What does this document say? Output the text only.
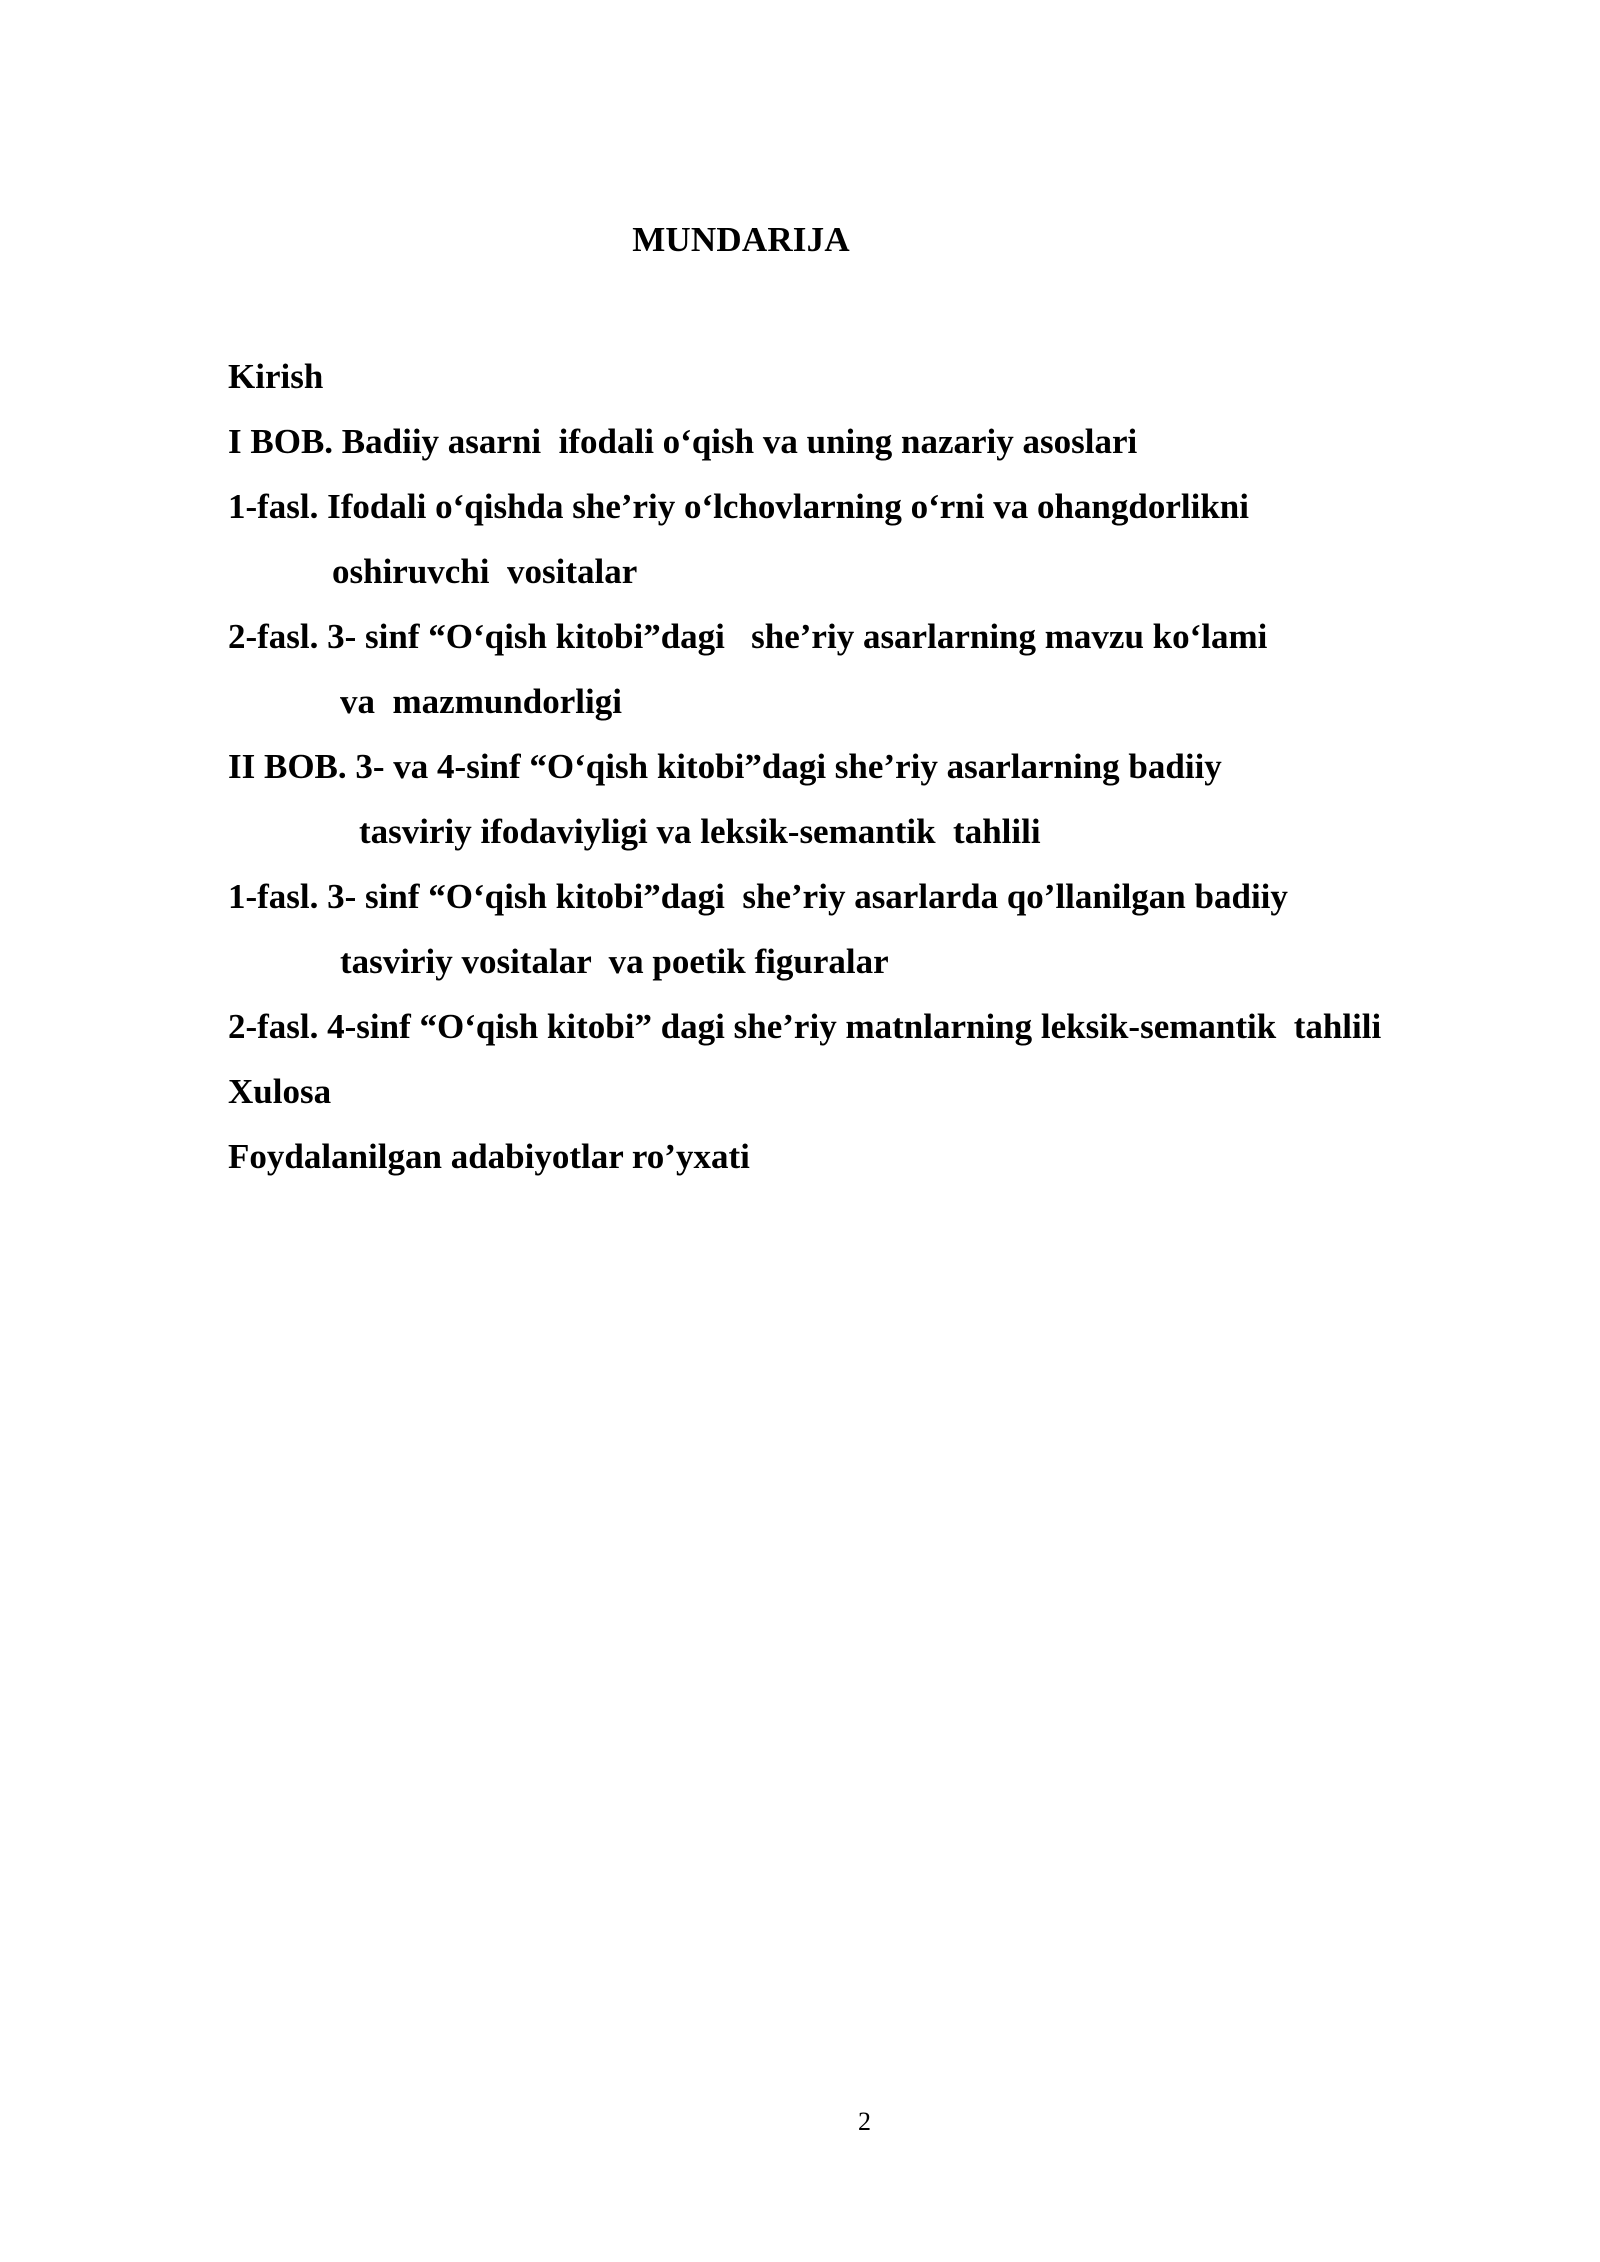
MUNDARIJA
Kirish
I BOB. Badiiy asarni  ifodali o‘qish va uning nazariy asoslari
1-fasl. Ifodali o‘qishda she’riy o‘lchovlarning o‘rni va ohangdorlikni
oshiruvchi  vositalar
2-fasl. 3- sinf “O‘qish kitobi”dagi   she’riy asarlarning mavzu ko‘lami
va  mazmundorligi
II BOB. 3- va 4-sinf “O‘qish kitobi”dagi she’riy asarlarning badiiy
tasviriy ifodaviyligi va leksik-semantik  tahlili
1-fasl. 3- sinf “O‘qish kitobi”dagi  she’riy asarlarda qo’llanilgan badiiy
tasviriy vositalar  va poetik figuralar
2-fasl. 4-sinf “O‘qish kitobi” dagi she’riy matnlarning leksik-semantik  tahlili
Xulosa
Foydalanilgan adabiyotlar ro’yxati
2
